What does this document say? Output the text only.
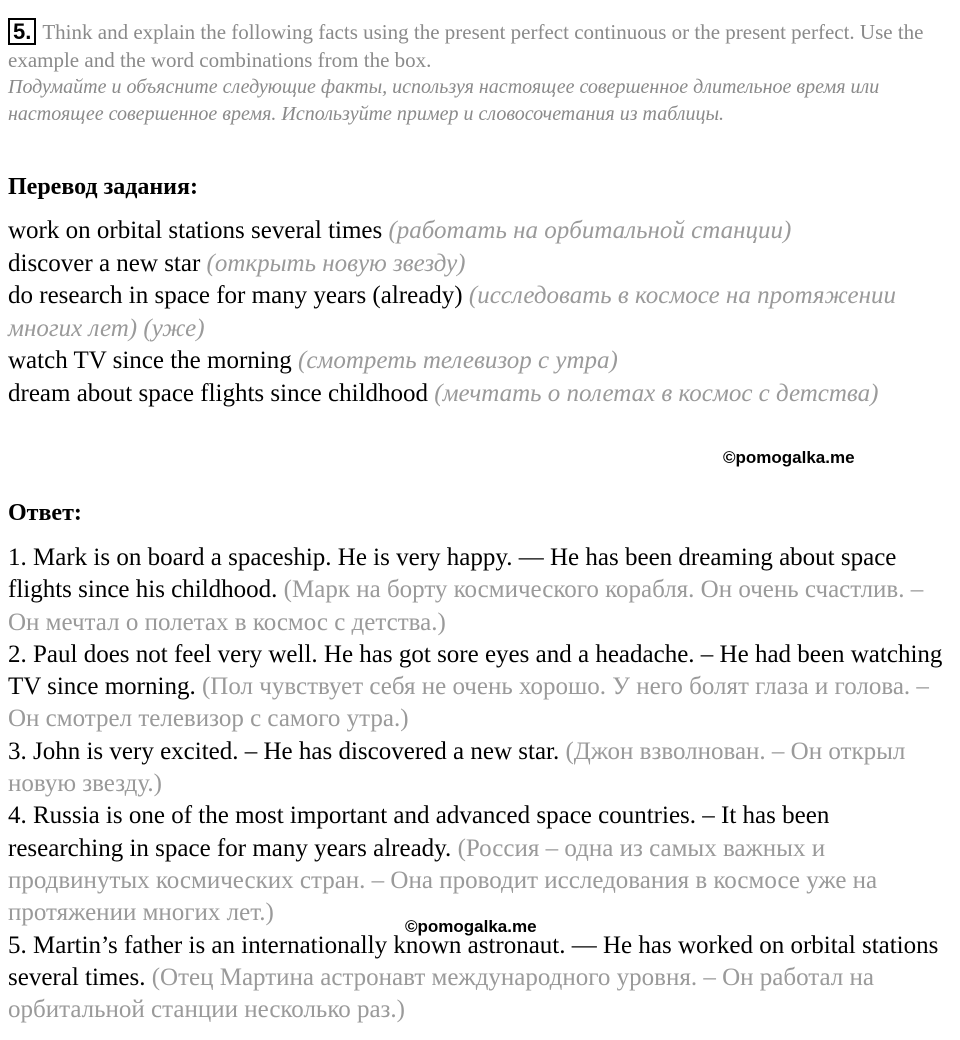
5. Think and explain the following facts using the present perfect continuous or the present perfect. Use the example and the word combinations from the box.
Подумайте и объясните следующие факты, используя настоящее совершенное длительное время или настоящее совершенное время. Используйте пример и словосочетания из таблицы.
Перевод задания:
work on orbital stations several times (работать на орбитальной станции)
discover a new star (открыть новую звезду)
do research in space for many years (already) (исследовать в космосе на протяжении многих лет) (уже)
watch TV since the morning (смотреть телевизор с утра)
dream about space flights since childhood (мечтать о полетах в космос с детства)
©pomogalka.me
Ответ:

1. Mark is on board a spaceship. He is very happy. — He has been dreaming about space flights since his childhood. (Марк на борту космического корабля. Он очень счастлив. – Он мечтал о полетах в космос с детства.)

2. Paul does not feel very well. He has got sore eyes and a headache. – He had been watching TV since morning. (Пол чувствует себя не очень хорошо. У него болят глаза и голова. – Он смотрел телевизор с самого утра.)

3. John is very excited. – He has discovered a new star. (Джон взволнован. – Он открыл новую звезду.)

4. Russia is one of the most important and advanced space countries. – It has been researching in space for many years already. (Россия – одна из самых важных и продвинутых космических стран. – Она проводит исследования в космосе уже на протяжении многих лет.)

5. Martin’s father is an internationally known astronaut. — He has worked on orbital stations several times. (Отец Мартина астронавт международного уровня. – Он работал на орбитальной станции несколько раз.)

©pomogalka.me
